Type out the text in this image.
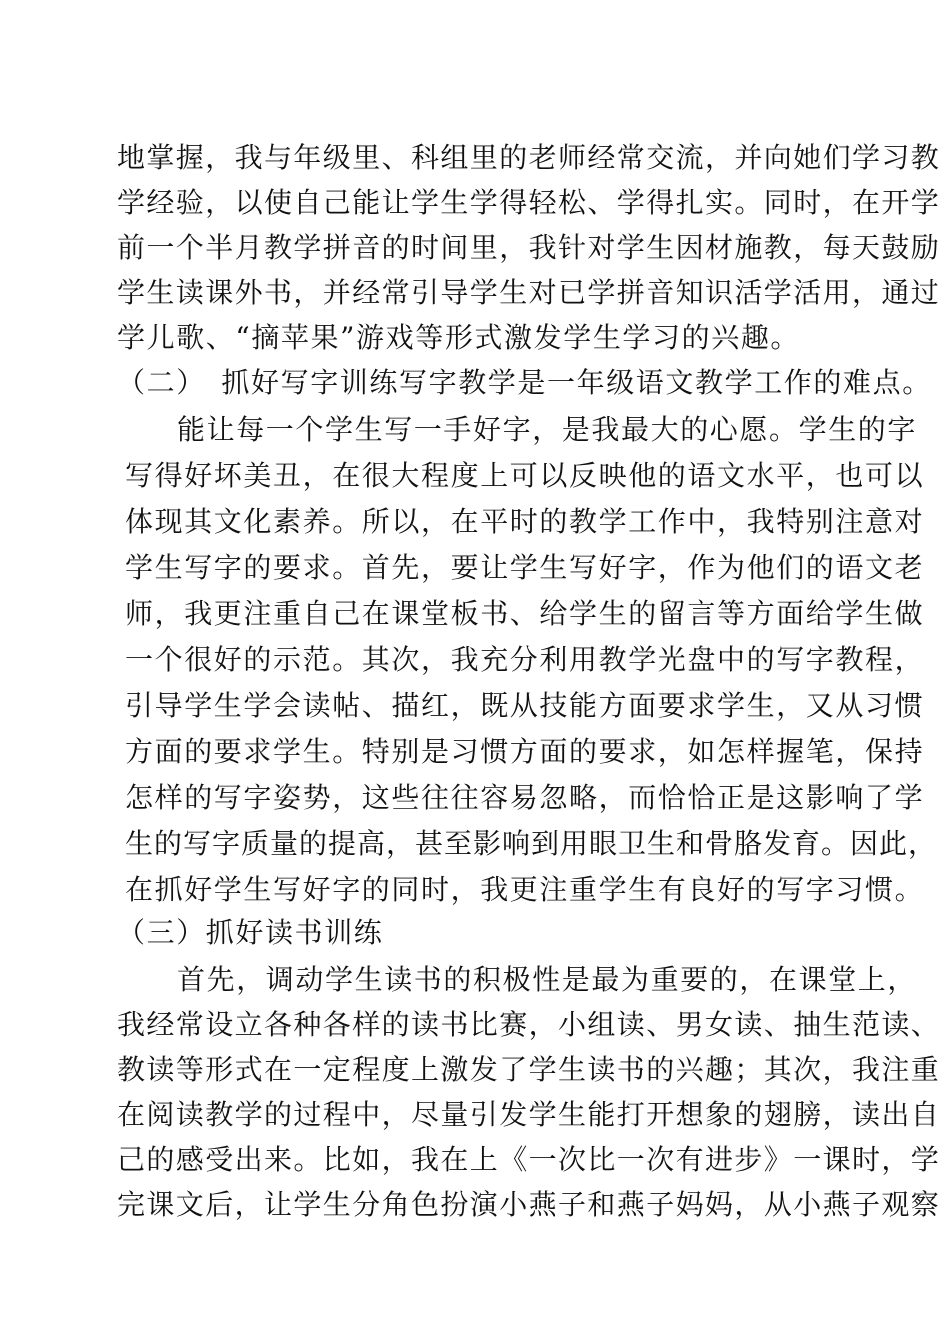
地掌握，我与年级里、科组里的老师经常交流，并向她们学习教
学经验，以使自己能让学生学得轻松、学得扎实。同时，在开学
前一个半月教学拼音的时间里，我针对学生因材施教，每天鼓励
学生读课外书，并经常引导学生对已学拼音知识活学活用，通过
学儿歌、“摘苹果”游戏等形式激发学生学习的兴趣。
（二）　抓好写字训练写字教学是一年级语文教学工作的难点。
能让每一个学生写一手好字，是我最大的心愿。学生的字
写得好坏美丑，在很大程度上可以反映他的语文水平，也可以
体现其文化素养。所以，在平时的教学工作中，我特别注意对
学生写字的要求。首先，要让学生写好字，作为他们的语文老
师，我更注重自己在课堂板书、给学生的留言等方面给学生做
一个很好的示范。其次，我充分利用教学光盘中的写字教程，
引导学生学会读帖、描红，既从技能方面要求学生，又从习惯
方面的要求学生。特别是习惯方面的要求，如怎样握笔，保持
怎样的写字姿势，这些往往容易忽略，而恰恰正是这影响了学
生的写字质量的提高，甚至影响到用眼卫生和骨胳发育。因此，
在抓好学生写好字的同时，我更注重学生有良好的写字习惯。
（三）抓好读书训练
首先，调动学生读书的积极性是最为重要的，在课堂上，
我经常设立各种各样的读书比赛，小组读、男女读、抽生范读、
教读等形式在一定程度上激发了学生读书的兴趣；其次，我注重
在阅读教学的过程中，尽量引发学生能打开想象的翅膀，读出自
己的感受出来。比如，我在上《一次比一次有进步》一课时，学
完课文后，让学生分角色扮演小燕子和燕子妈妈，从小燕子观察
